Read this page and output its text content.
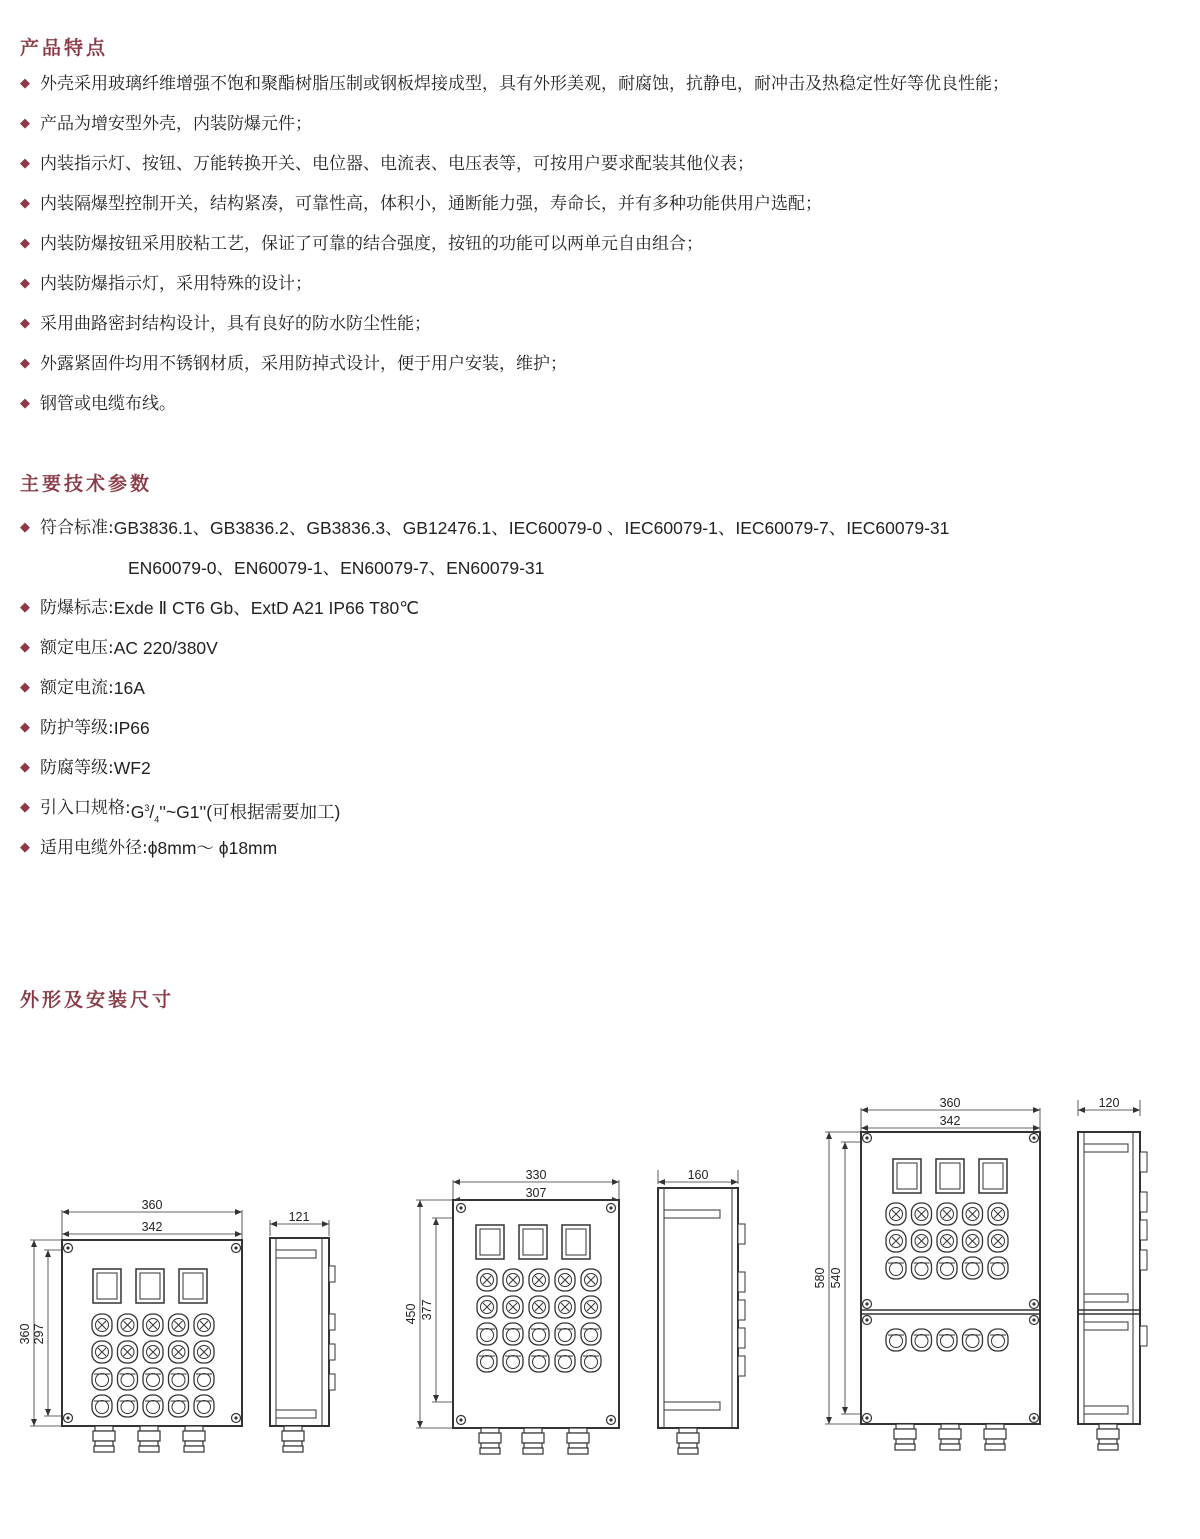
产品特点
◆ 外壳采用玻璃纤维增强不饱和聚酯树脂压制或钢板焊接成型，具有外形美观，耐腐蚀，抗静电，耐冲击及热稳定性好等优良性能；
◆ 产品为增安型外壳，内装防爆元件；
◆ 内装指示灯、按钮、万能转换开关、电位器、电流表、电压表等，可按用户要求配装其他仪表；
◆ 内装隔爆型控制开关，结构紧凑，可靠性高，体积小，通断能力强，寿命长，并有多种功能供用户选配；
◆ 内装防爆按钮采用胶粘工艺，保证了可靠的结合强度，按钮的功能可以两单元自由组合；
◆ 内装防爆指示灯，采用特殊的设计；
◆ 采用曲路密封结构设计，具有良好的防水防尘性能；
◆ 外露紧固件均用不锈钢材质，采用防掉式设计，便于用户安装，维护；
◆ 钢管或电缆布线。
主要技术参数
◆ 符合标准: GB3836.1、GB3836.2、GB3836.3、GB12476.1、IEC60079-0 、IEC60079-1、IEC60079-7、IEC60079-31
EN60079-0、EN60079-1、EN60079-7、EN60079-31
◆ 防爆标志: Exde Ⅱ CT6 Gb、ExtD A21 IP66 T80℃
◆ 额定电压: AC 220/380V
◆ 额定电流: 16A
◆ 防护等级: IP66
◆ 防腐等级: WF2
◆ 引入口规格: $G^3/_4''\sim G1''$(可根据需要加工)
◆ 适用电缆外径: ϕ8mm～ ϕ18mm
外形及安装尺寸
360
342
360 297
121
330
307
450 377
160
360
342
580 540
120
